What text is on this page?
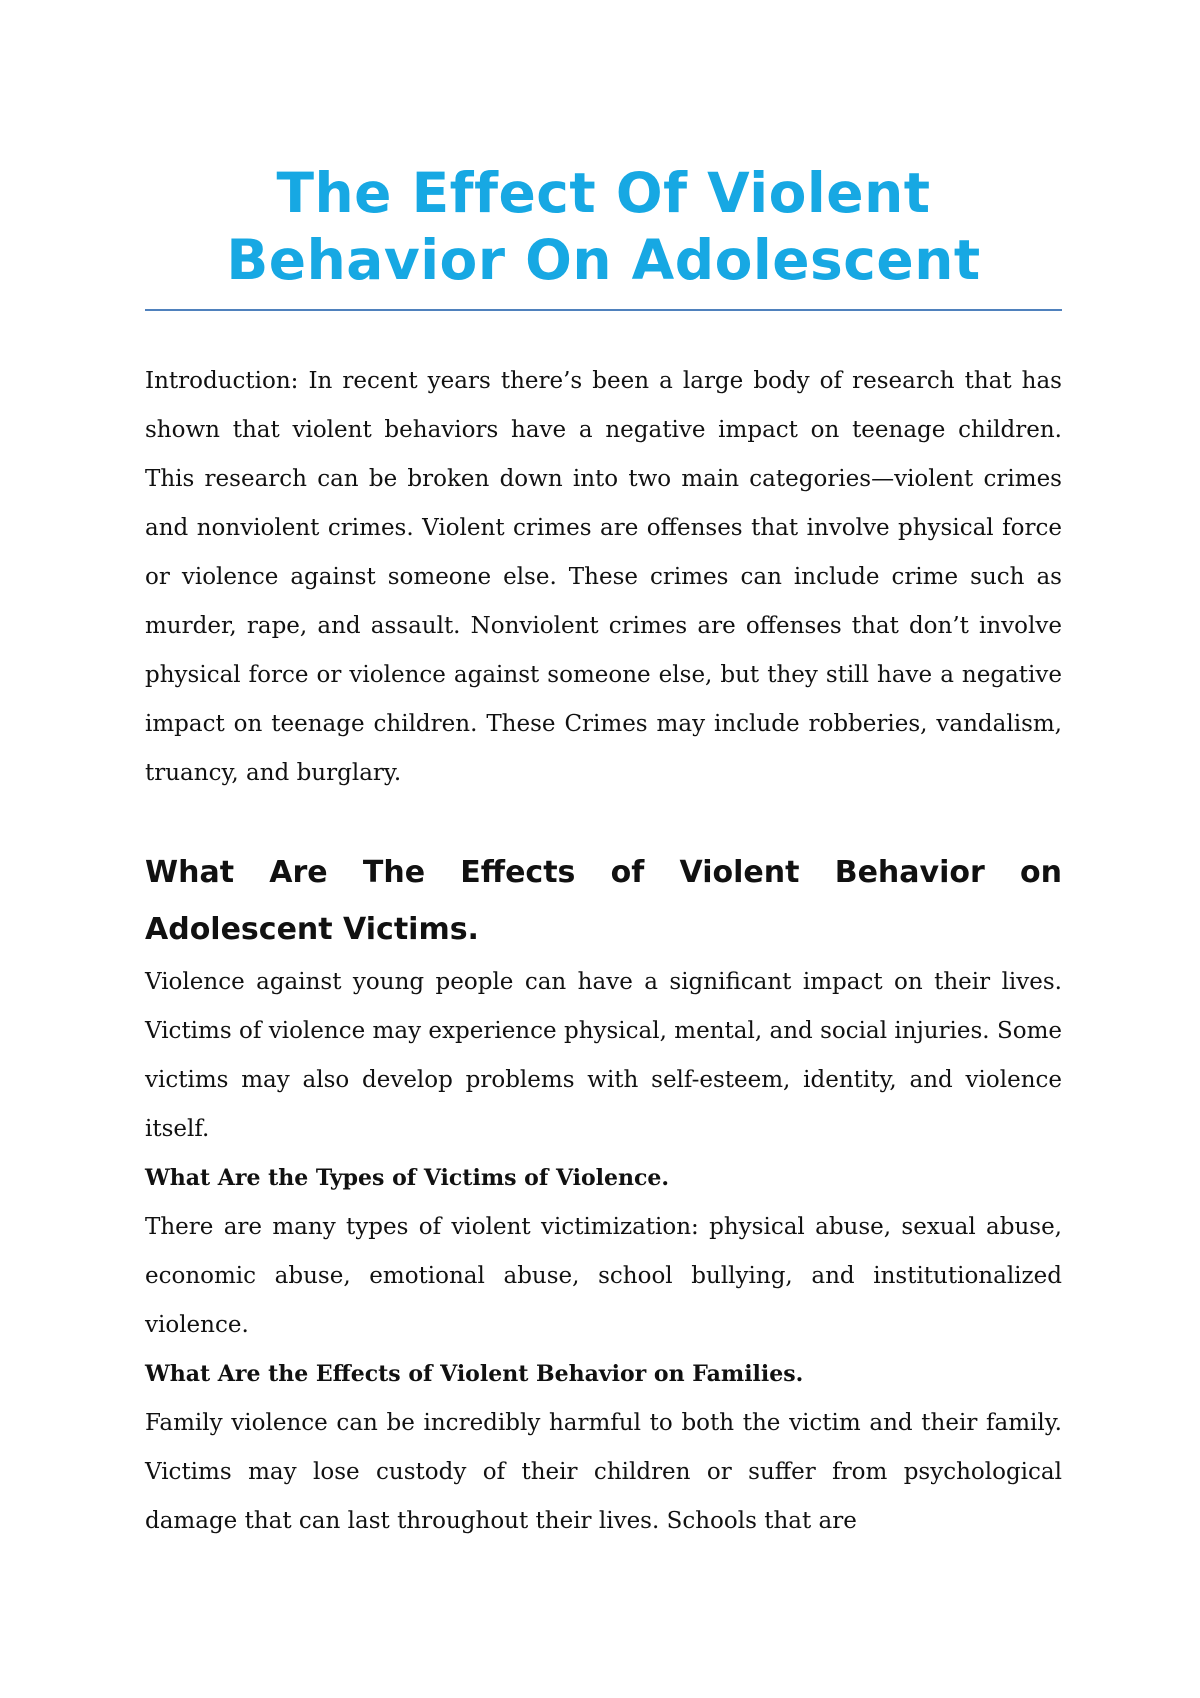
The Effect Of Violent Behavior On Adolescent

Introduction: In recent years there’s been a large body of research that has shown that violent behaviors have a negative impact on teenage children. This research can be broken down into two main categories—violent crimes and nonviolent crimes. Violent crimes are offenses that involve physical force or violence against someone else. These crimes can include crime such as murder, rape, and assault. Nonviolent crimes are offenses that don’t involve physical force or violence against someone else, but they still have a negative impact on teenage children. These Crimes may include robberies, vandalism, truancy, and burglary.

What Are The Effects of Violent Behavior on Adolescent Victims.

Violence against young people can have a significant impact on their lives. Victims of violence may experience physical, mental, and social injuries. Some victims may also develop problems with self-esteem, identity, and violence itself.

What Are the Types of Victims of Violence.

There are many types of violent victimization: physical abuse, sexual abuse, economic abuse, emotional abuse, school bullying, and institutionalized violence.

What Are the Effects of Violent Behavior on Families.

Family violence can be incredibly harmful to both the victim and their family. Victims may lose custody of their children or suffer from psychological damage that can last throughout their lives. Schools that are
